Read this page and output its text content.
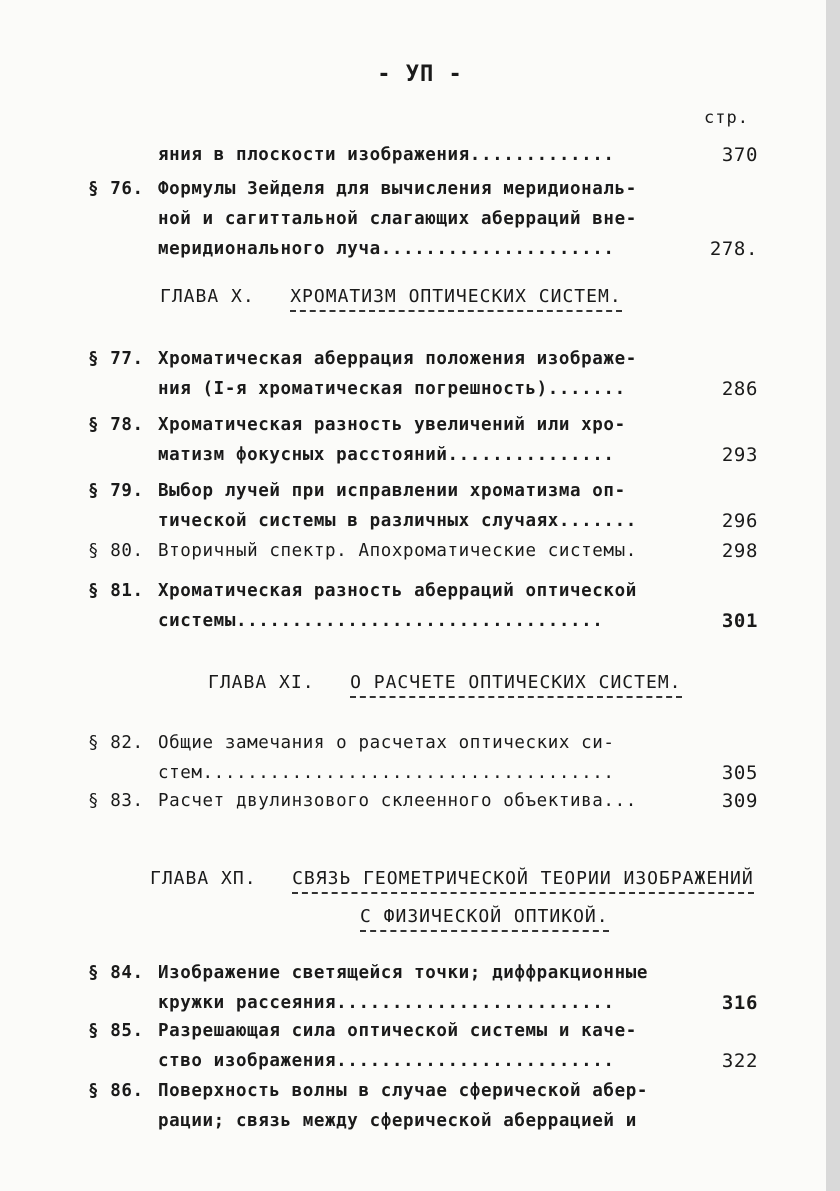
- УП -
стр.
яния в плоскости изображения.............	370
§ 76. Формулы Зейделя для вычисления меридиональ-
ной и сагиттальной слагающих аберраций вне-
меридионального луча.....................	278.
ГЛАВА X. ХРОМАТИЗМ ОПТИЧЕСКИХ СИСТЕМ.
§ 77. Хроматическая аберрация положения изображе-
ния (I-я хроматическая погрешность).......	286
§ 78. Хроматическая разность увеличений или хро-
матизм фокусных расстояний...............	293
§ 79. Выбор лучей при исправлении хроматизма оп-
тической системы в различных случаях.......	296
§ 80. Вторичный спектр. Апохроматические системы.	298
§ 81. Хроматическая разность аберраций оптической
системы.................................	301
ГЛАВА XI. О РАСЧЕТЕ ОПТИЧЕСКИХ СИСТЕМ.
§ 82. Общие замечания о расчетах оптических си-
стем.....................................	305
§ 83. Расчет двулинзового склеенного объектива...	309
ГЛАВА XП. СВЯЗЬ ГЕОМЕТРИЧЕСКОЙ ТЕОРИИ ИЗОБРАЖЕНИЙ
С ФИЗИЧЕСКОЙ ОПТИКОЙ.
§ 84. Изображение светящейся точки; диффракционные
кружки рассеяния.........................	316
§ 85. Разрешающая сила оптической системы и каче-
ство изображения.........................	322
§ 86. Поверхность волны в случае сферической абер-
рации; связь между сферической аберрацией и
